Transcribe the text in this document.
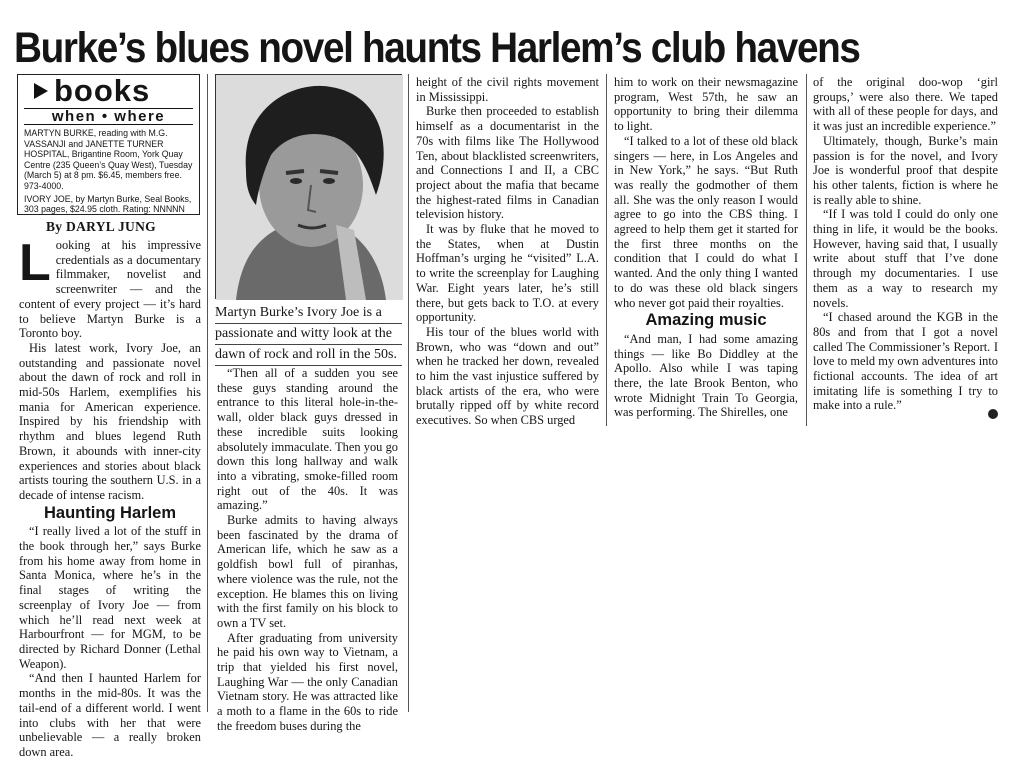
Burke’s blues novel haunts Harlem’s club havens
books
when • where

MARTYN BURKE, reading with M.G. VASSANJI and JANETTE TURNER HOSPITAL, Brigantine Room, York Quay Centre (235 Queen’s Quay West), Tuesday (March 5) at 8 pm. $6.45, members free. 973-4000.

IVORY JOE, by Martyn Burke, Seal Books, 303 pages, $24.95 cloth. Rating: NNNNN

By DARYL JUNG

Looking at his impressive credentials as a documentary filmmaker, novelist and screenwriter — and the content of every project — it’s hard to believe Martyn Burke is a Toronto boy.

His latest work, Ivory Joe, an outstanding and passionate novel about the dawn of rock and roll in mid-50s Harlem, exemplifies his mania for American experience. Inspired by his friendship with rhythm and blues legend Ruth Brown, it abounds with inner-city experiences and stories about black artists touring the southern U.S. in a decade of intense racism.

Haunting Harlem

“I really lived a lot of the stuff in the book through her,” says Burke from his home away from home in Santa Monica, where he’s in the final stages of writing the screenplay of Ivory Joe — from which he’ll read next week at Harbourfront — for MGM, to be directed by Richard Donner (Lethal Weapon).

“And then I haunted Harlem for months in the mid-80s. It was the tail-end of a different world. I went into clubs with her that were unbelievable — a really broken down area.

Martyn Burke’s Ivory Joe is a passionate and witty look at the dawn of rock and roll in the 50s.

“Then all of a sudden you see these guys standing around the entrance to this literal hole-in-the-wall, older black guys dressed in these incredible suits looking absolutely immaculate. Then you go down this long hallway and walk into a vibrating, smoke-filled room right out of the 40s. It was amazing.”

Burke admits to having always been fascinated by the drama of American life, which he saw as a goldfish bowl full of piranhas, where violence was the rule, not the exception. He blames this on living with the first family on his block to own a TV set.

After graduating from university he paid his own way to Vietnam, a trip that yielded his first novel, Laughing War — the only Canadian Vietnam story. He was attracted like a moth to a flame in the 60s to ride the freedom buses during the

height of the civil rights movement in Mississippi.

Burke then proceeded to establish himself as a documentarist in the 70s with films like The Hollywood Ten, about blacklisted screenwriters, and Connections I and II, a CBC project about the mafia that became the highest-rated films in Canadian television history.

It was by fluke that he moved to the States, when at Dustin Hoffman’s urging he “visited” L.A. to write the screenplay for Laughing War. Eight years later, he’s still there, but gets back to T.O. at every opportunity.

His tour of the blues world with Brown, who was “down and out” when he tracked her down, revealed to him the vast injustice suffered by black artists of the era, who were brutally ripped off by white record executives. So when CBS urged

him to work on their newsmagazine program, West 57th, he saw an opportunity to bring their dilemma to light.

“I talked to a lot of these old black singers — here, in Los Angeles and in New York,” he says. “But Ruth was really the godmother of them all. She was the only reason I would agree to go into the CBS thing. I agreed to help them get it started for the first three months on the condition that I could do what I wanted. And the only thing I wanted to do was these old black singers who never got paid their royalties.

Amazing music

“And man, I had some amazing things — like Bo Diddley at the Apollo. Also while I was taping there, the late Brook Benton, who wrote Midnight Train To Georgia, was performing. The Shirelles, one

of the original doo-wop ‘girl groups,’ were also there. We taped with all of these people for days, and it was just an incredible experience.”

Ultimately, though, Burke’s main passion is for the novel, and Ivory Joe is wonderful proof that despite his other talents, fiction is where he is really able to shine.

“If I was told I could do only one thing in life, it would be the books. However, having said that, I usually write about stuff that I’ve done through my documentaries. I use them as a way to research my novels.

“I chased around the KGB in the 80s and from that I got a novel called The Commissioner’s Report. I love to meld my own adventures into fictional accounts. The idea of art imitating life is something I try to make into a rule.”
